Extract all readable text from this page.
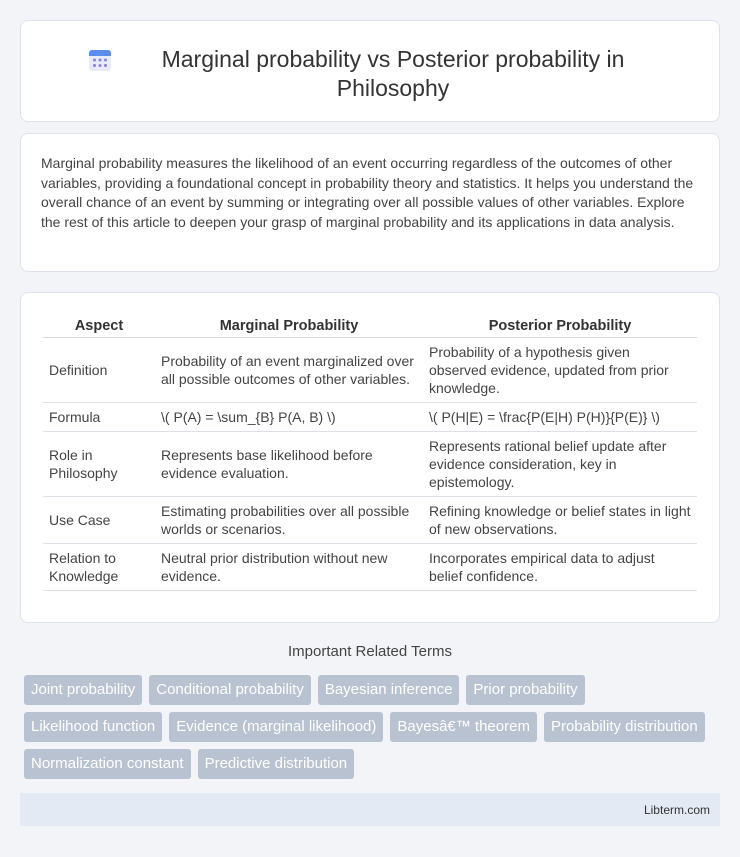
Marginal probability vs Posterior probability in Philosophy

Marginal probability measures the likelihood of an event occurring regardless of the outcomes of other variables, providing a foundational concept in probability theory and statistics. It helps you understand the overall chance of an event by summing or integrating over all possible values of other variables. Explore the rest of this article to deepen your grasp of marginal probability and its applications in data analysis.

Aspect	Marginal Probability	Posterior Probability
Definition	Probability of an event marginalized over all possible outcomes of other variables.	Probability of a hypothesis given observed evidence, updated from prior knowledge.
Formula	\( P(A) = \sum_{B} P(A, B) \)	\( P(H|E) = \frac{P(E|H) P(H)}{P(E)} \)
Role in Philosophy	Represents base likelihood before evidence evaluation.	Represents rational belief update after evidence consideration, key in epistemology.
Use Case	Estimating probabilities over all possible worlds or scenarios.	Refining knowledge or belief states in light of new observations.
Relation to Knowledge	Neutral prior distribution without new evidence.	Incorporates empirical data to adjust belief confidence.
Important Related Terms
Joint probability	Conditional probability	Bayesian inference	Prior probability
Likelihood function	Evidence (marginal likelihood)	Bayesâ€™ theorem	Probability distribution
Normalization constant	Predictive distribution
Libterm.com
